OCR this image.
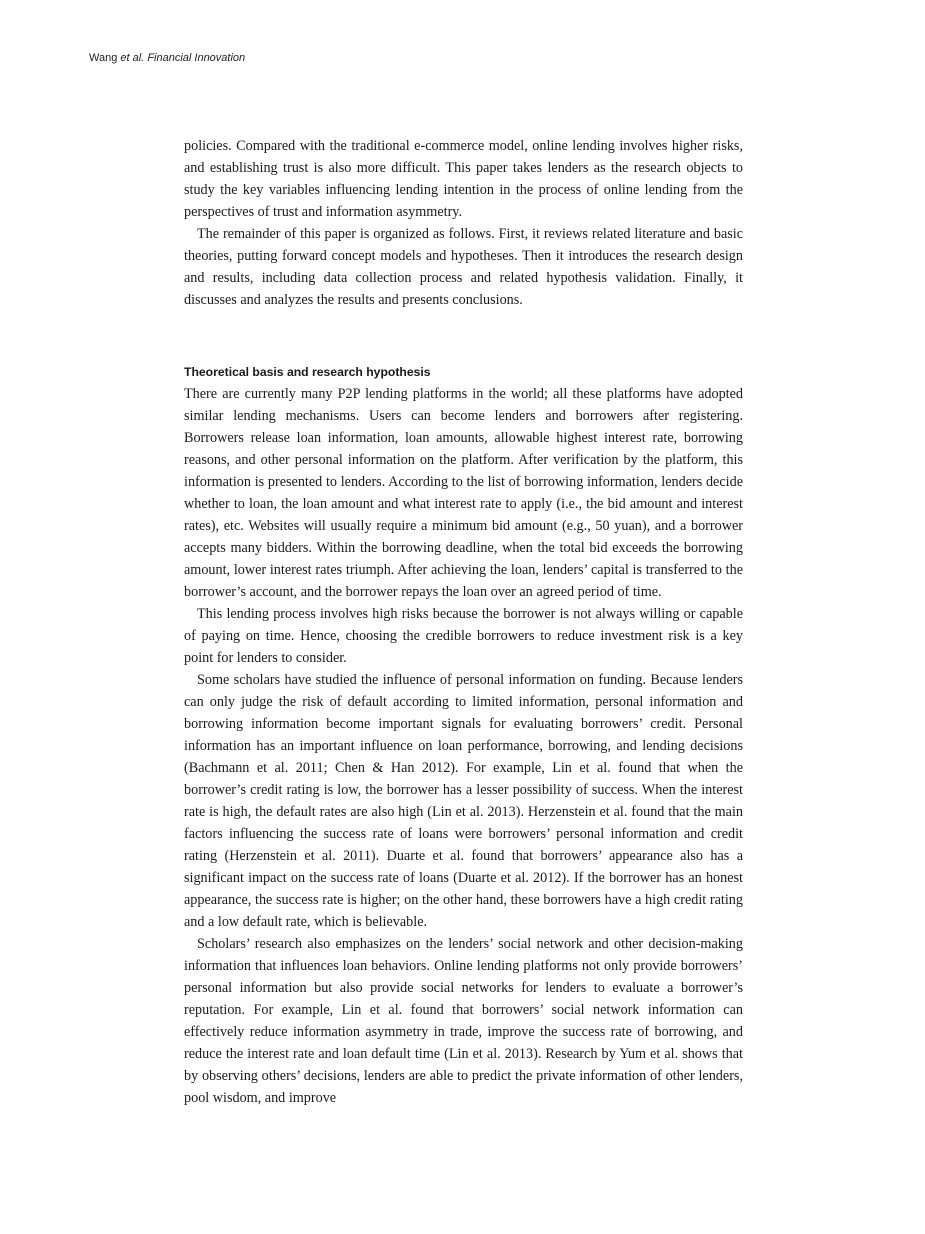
Wang et al. Financial Innovation

policies. Compared with the traditional e-commerce model, online lending involves higher risks, and establishing trust is also more difficult. This paper takes lenders as the research objects to study the key variables influencing lending intention in the process of online lending from the perspectives of trust and information asymmetry.

The remainder of this paper is organized as follows. First, it reviews related literature and basic theories, putting forward concept models and hypotheses. Then it introduces the research design and results, including data collection process and related hypothesis validation. Finally, it discusses and analyzes the results and presents conclusions.

Theoretical basis and research hypothesis

There are currently many P2P lending platforms in the world; all these platforms have adopted similar lending mechanisms. Users can become lenders and borrowers after registering. Borrowers release loan information, loan amounts, allowable highest interest rate, borrowing reasons, and other personal information on the platform. After verification by the platform, this information is presented to lenders. According to the list of borrowing information, lenders decide whether to loan, the loan amount and what interest rate to apply (i.e., the bid amount and interest rates), etc. Websites will usually require a minimum bid amount (e.g., 50 yuan), and a borrower accepts many bidders. Within the borrowing deadline, when the total bid exceeds the borrowing amount, lower interest rates triumph. After achieving the loan, lenders’ capital is transferred to the borrower’s account, and the borrower repays the loan over an agreed period of time.

This lending process involves high risks because the borrower is not always willing or capable of paying on time. Hence, choosing the credible borrowers to reduce investment risk is a key point for lenders to consider.

Some scholars have studied the influence of personal information on funding. Because lenders can only judge the risk of default according to limited information, personal information and borrowing information become important signals for evaluating borrowers’ credit. Personal information has an important influence on loan performance, borrowing, and lending decisions (Bachmann et al. 2011; Chen & Han 2012). For example, Lin et al. found that when the borrower’s credit rating is low, the borrower has a lesser possibility of success. When the interest rate is high, the default rates are also high (Lin et al. 2013). Herzenstein et al. found that the main factors influencing the success rate of loans were borrowers’ personal information and credit rating (Herzenstein et al. 2011). Duarte et al. found that borrowers’ appearance also has a significant impact on the success rate of loans (Duarte et al. 2012). If the borrower has an honest appearance, the success rate is higher; on the other hand, these borrowers have a high credit rating and a low default rate, which is believable.

Scholars’ research also emphasizes on the lenders’ social network and other decision-making information that influences loan behaviors. Online lending platforms not only provide borrowers’ personal information but also provide social networks for lenders to evaluate a borrower’s reputation. For example, Lin et al. found that borrowers’ social network information can effectively reduce information asymmetry in trade, improve the success rate of borrowing, and reduce the interest rate and loan default time (Lin et al. 2013). Research by Yum et al. shows that by observing others’ decisions, lenders are able to predict the private information of other lenders, pool wisdom, and improve
